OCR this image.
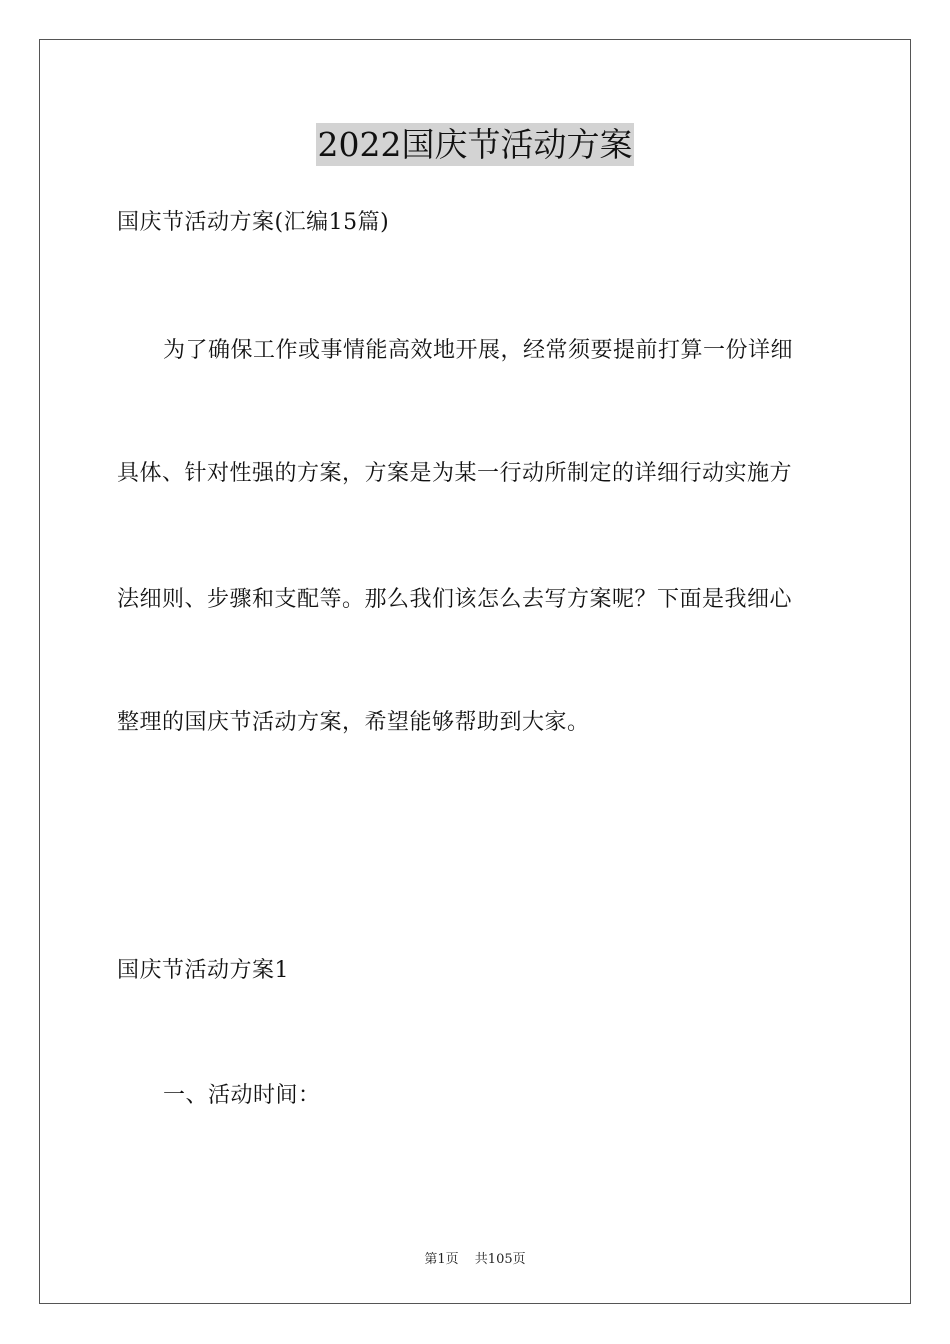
2022国庆节活动方案
国庆节活动方案(汇编15篇)
为了确保工作或事情能高效地开展，经常须要提前打算一份详细
具体、针对性强的方案，方案是为某一行动所制定的详细行动实施方
法细则、步骤和支配等。那么我们该怎么去写方案呢？下面是我细心
整理的国庆节活动方案，希望能够帮助到大家。
国庆节活动方案1
一、活动时间：
第1页 共105页
